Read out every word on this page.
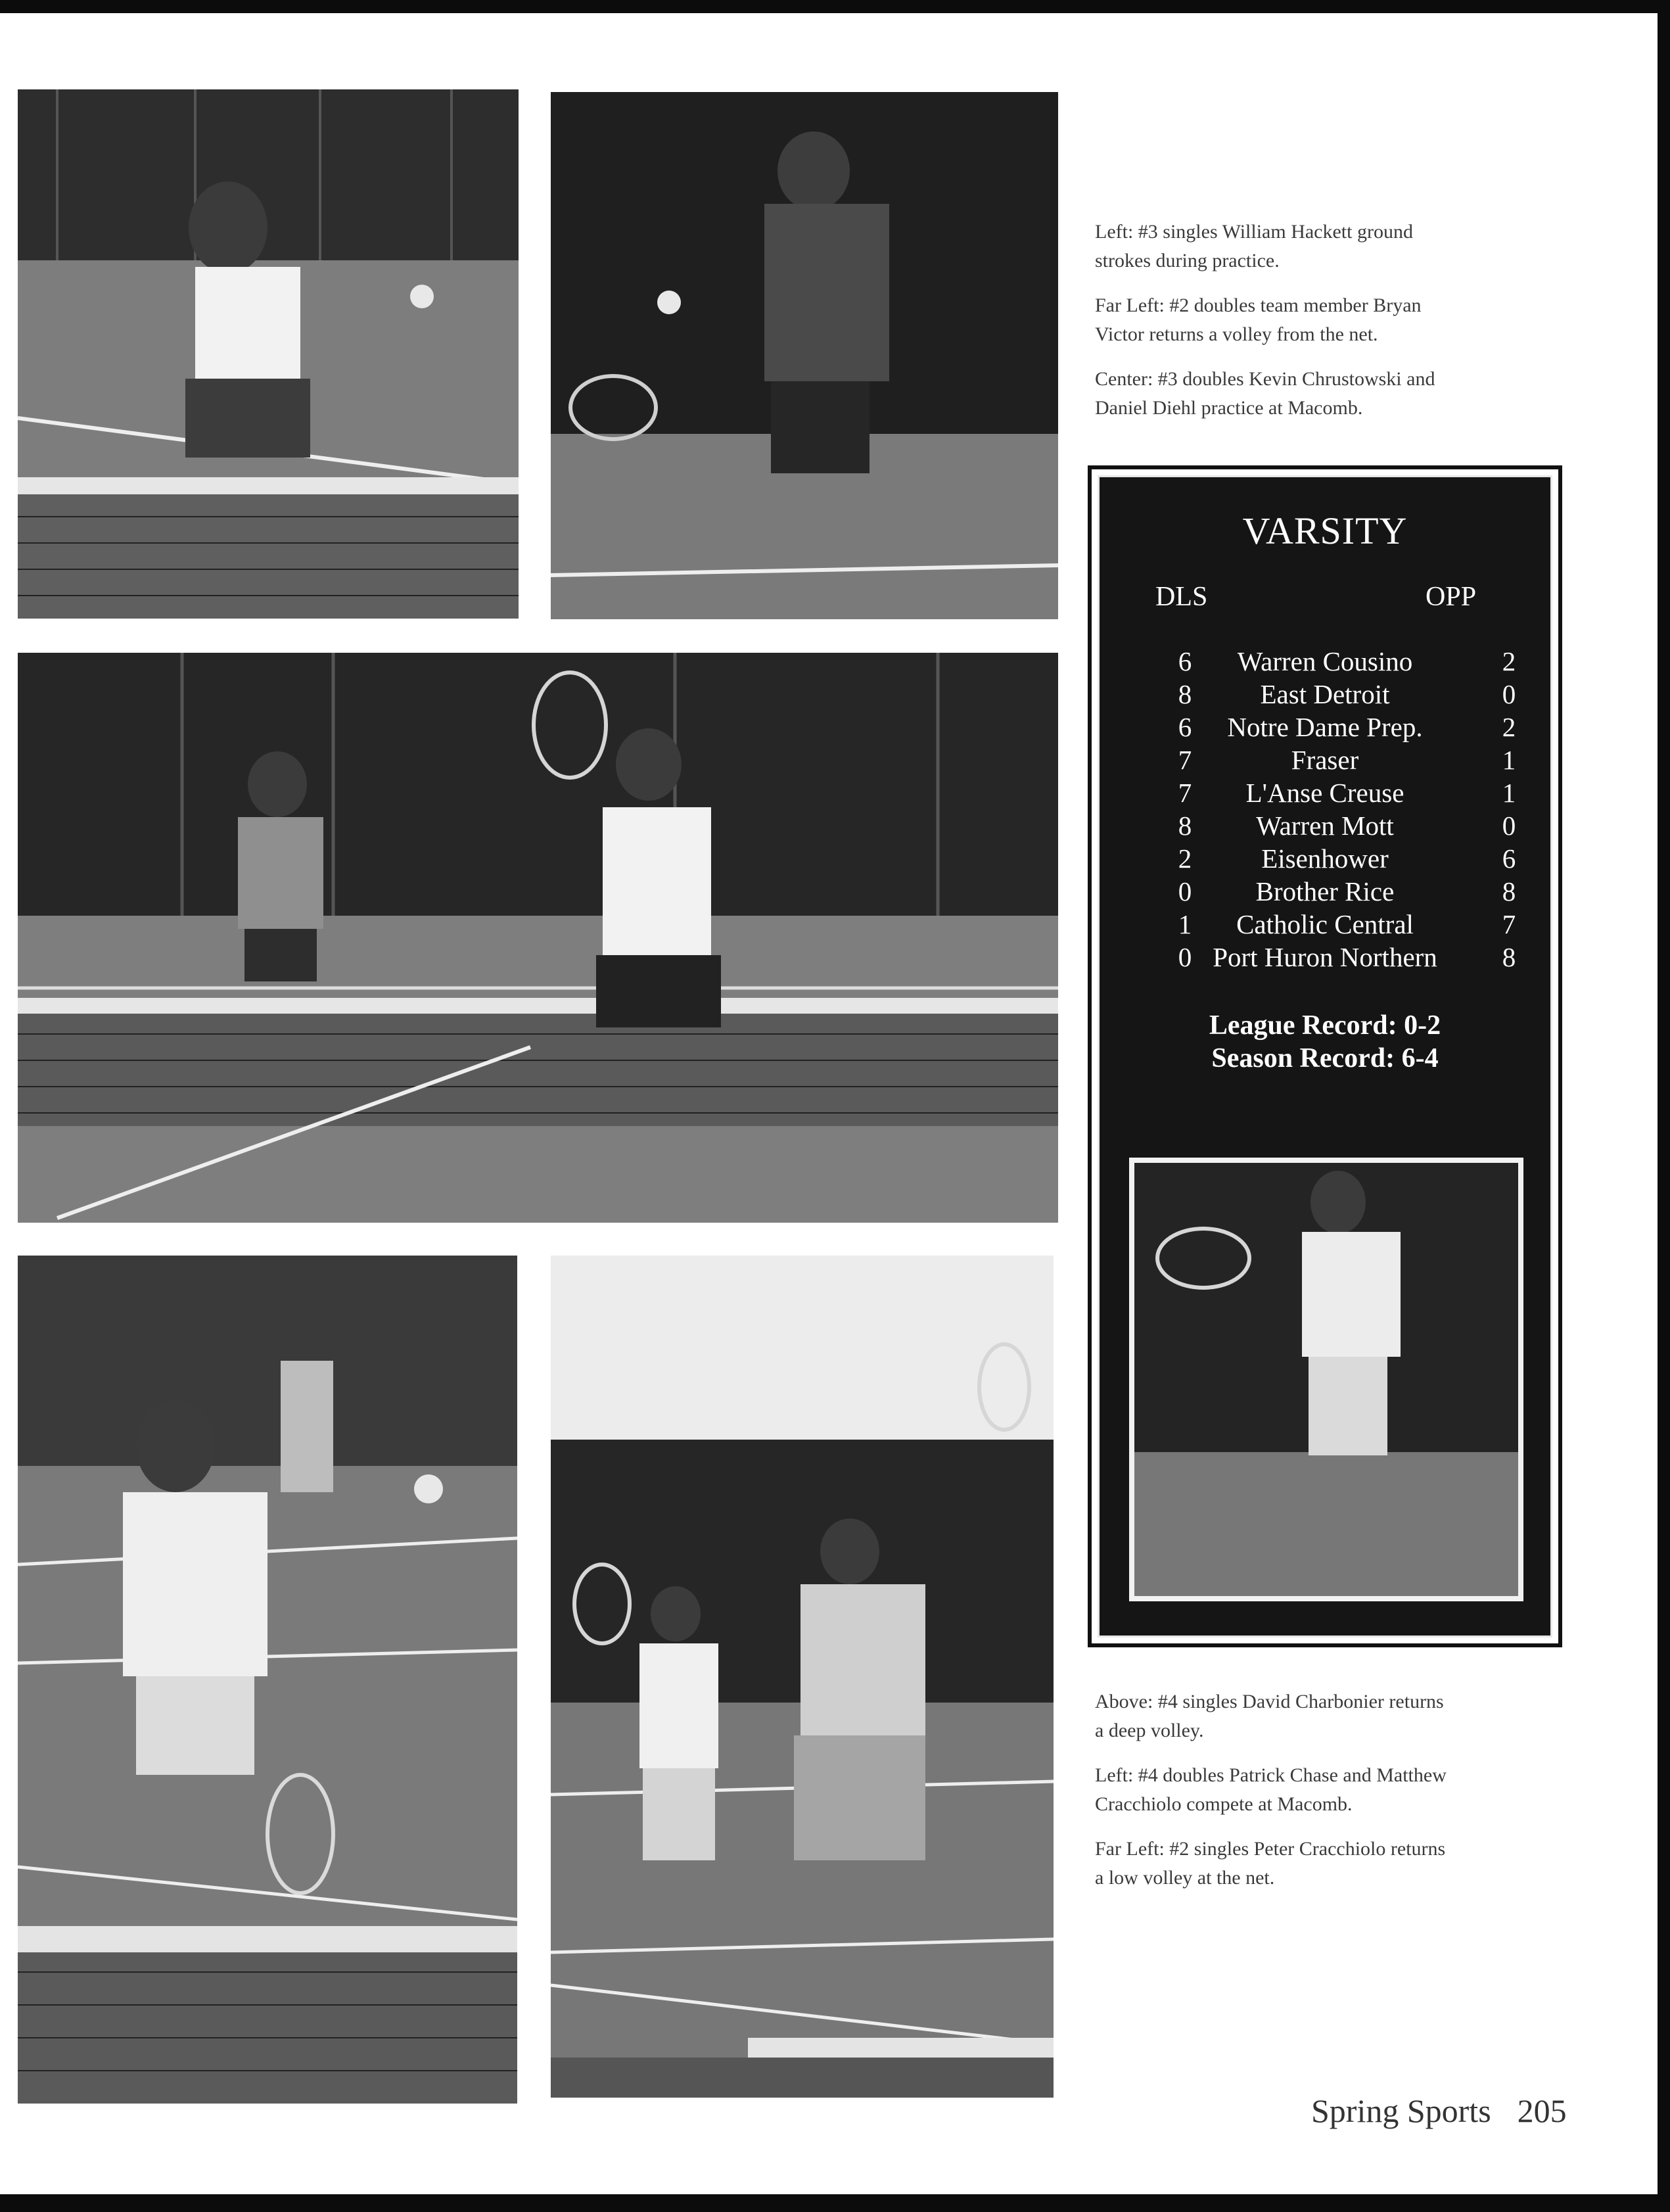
Left: #3 singles William Hackett ground strokes during practice.

Far Left: #2 doubles team member Bryan Victor returns a volley from the net.

Center: #3 doubles Kevin Chrustowski and Daniel Diehl practice at Macomb.

VARSITY
DLS	OPP
6	Warren Cousino	2
8	East Detroit	0
6	Notre Dame Prep.	2
7	Fraser	1
7	L'Anse Creuse	1
8	Warren Mott	0
2	Eisenhower	6
0	Brother Rice	8
1	Catholic Central	7
0 Port Huron Northern	8
League Record: 0-2
Season Record: 6-4

Above: #4 singles David Charbonier returns a deep volley.

Left: #4 doubles Patrick Chase and Matthew Cracchiolo compete at Macomb.

Far Left: #2 singles Peter Cracchiolo returns a low volley at the net.

Spring Sports 205
